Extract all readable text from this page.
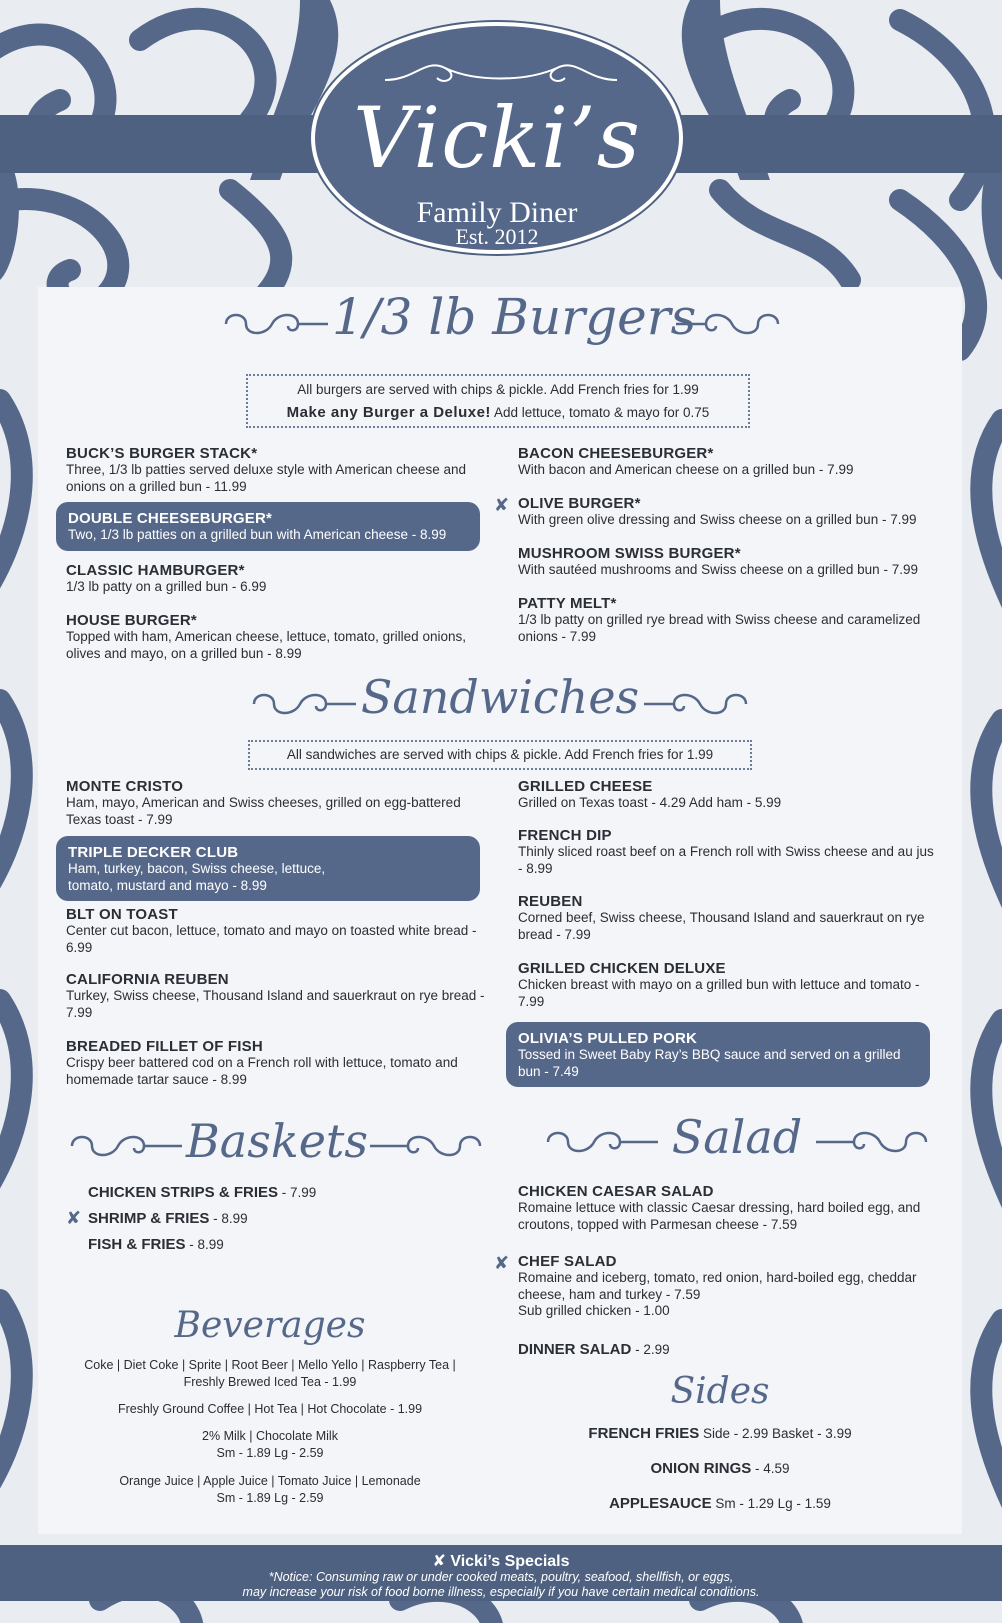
Vicki’s
Family Diner
Est. 2012
1/3 lb Burgers
All burgers are served with chips & pickle. Add French fries for 1.99
Make any Burger a Deluxe! Add lettuce, tomato & mayo for 0.75
BUCK’S BURGER STACK*
Three, 1/3 lb patties served deluxe style with American cheese and onions on a grilled bun - 11.99
DOUBLE CHEESEBURGER*
Two, 1/3 lb patties on a grilled bun with American cheese - 8.99
CLASSIC HAMBURGER*
1/3 lb patty on a grilled bun - 6.99
HOUSE BURGER*
Topped with ham, American cheese, lettuce, tomato, grilled onions, olives and mayo, on a grilled bun - 8.99
BACON CHEESEBURGER*
With bacon and American cheese on a grilled bun - 7.99
✘ OLIVE BURGER*
With green olive dressing and Swiss cheese on a grilled bun - 7.99
MUSHROOM SWISS BURGER*
With sautéed mushrooms and Swiss cheese on a grilled bun - 7.99
PATTY MELT*
1/3 lb patty on grilled rye bread with Swiss cheese and caramelized onions - 7.99
Sandwiches
All sandwiches are served with chips & pickle. Add French fries for 1.99
MONTE CRISTO
Ham, mayo, American and Swiss cheeses, grilled on egg-battered Texas toast - 7.99
TRIPLE DECKER CLUB
Ham, turkey, bacon, Swiss cheese, lettuce, tomato, mustard and mayo - 8.99
BLT ON TOAST
Center cut bacon, lettuce, tomato and mayo on toasted white bread - 6.99
CALIFORNIA REUBEN
Turkey, Swiss cheese, Thousand Island and sauerkraut on rye bread - 7.99
BREADED FILLET OF FISH
Crispy beer battered cod on a French roll with lettuce, tomato and homemade tartar sauce - 8.99
GRILLED CHEESE
Grilled on Texas toast - 4.29 Add ham - 5.99
FRENCH DIP
Thinly sliced roast beef on a French roll with Swiss cheese and au jus - 8.99
REUBEN
Corned beef, Swiss cheese, Thousand Island and sauerkraut on rye bread - 7.99
GRILLED CHICKEN DELUXE
Chicken breast with mayo on a grilled bun with lettuce and tomato - 7.99
OLIVIA’S PULLED PORK
Tossed in Sweet Baby Ray’s BBQ sauce and served on a grilled bun - 7.49
Baskets
CHICKEN STRIPS & FRIES - 7.99
✘ SHRIMP & FRIES - 8.99
FISH & FRIES - 8.99
Beverages
Coke | Diet Coke | Sprite | Root Beer | Mello Yello | Raspberry Tea |
Freshly Brewed Iced Tea - 1.99
Freshly Ground Coffee | Hot Tea | Hot Chocolate - 1.99
2% Milk | Chocolate Milk
Sm - 1.89 Lg - 2.59
Orange Juice | Apple Juice | Tomato Juice | Lemonade
Sm - 1.89 Lg - 2.59
Salad
CHICKEN CAESAR SALAD
Romaine lettuce with classic Caesar dressing, hard boiled egg, and croutons, topped with Parmesan cheese - 7.59
✘ CHEF SALAD
Romaine and iceberg, tomato, red onion, hard-boiled egg, cheddar cheese, ham and turkey - 7.59
Sub grilled chicken - 1.00
DINNER SALAD - 2.99
Sides
FRENCH FRIES Side - 2.99 Basket - 3.99
ONION RINGS - 4.59
APPLESAUCE Sm - 1.29 Lg - 1.59
✘ Vicki’s Specials
*Notice: Consuming raw or under cooked meats, poultry, seafood, shellfish, or eggs,
may increase your risk of food borne illness, especially if you have certain medical conditions.
